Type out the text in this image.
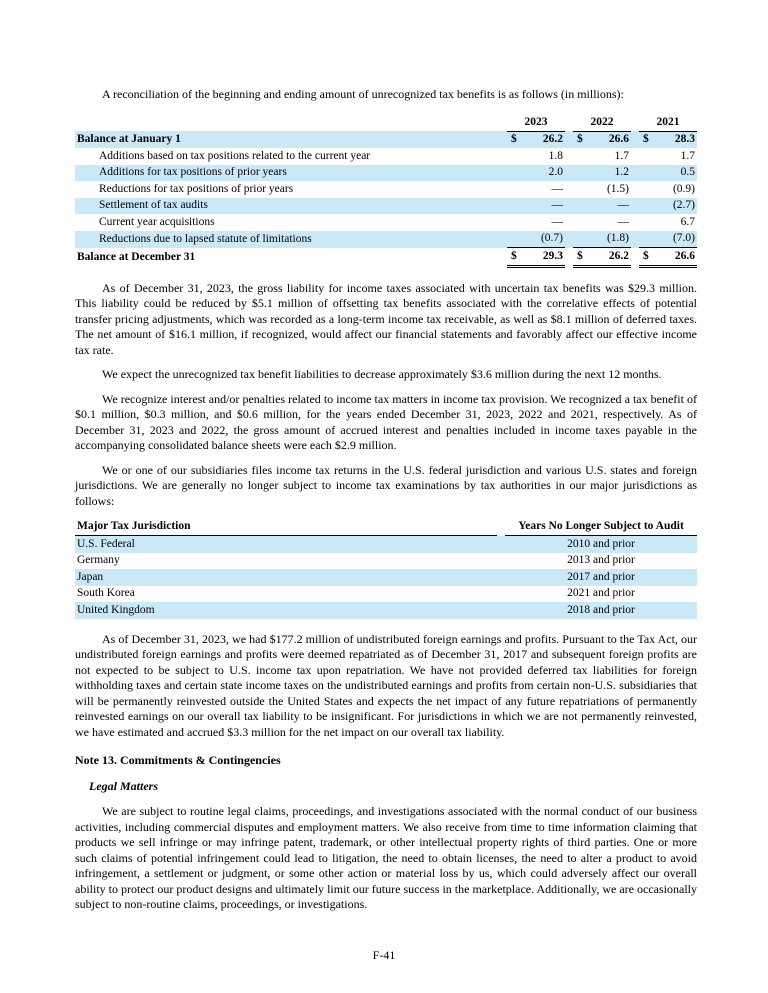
A reconciliation of the beginning and ending amount of unrecognized tax benefits is as follows (in millions):

	2023			2022			2021	
Balance at January 1	$	26.2		$	26.6		$	28.3
Additions based on tax positions related to the current year		1.8			1.7			1.7
Additions for tax positions of prior years		2.0			1.2			0.5
Reductions for tax positions of prior years		—			(1.5)			(0.9)
Settlement of tax audits		—			—			(2.7)
Current year acquisitions		—			—			6.7
Reductions due to lapsed statute of limitations		(0.7)			(1.8)			(7.0)
Balance at December 31	$	29.3		$	26.2		$	26.6

As of December 31, 2023, the gross liability for income taxes associated with uncertain tax benefits was $29.3 million. This liability could be reduced by $5.1 million of offsetting tax benefits associated with the correlative effects of potential transfer pricing adjustments, which was recorded as a long-term income tax receivable, as well as $8.1 million of deferred taxes. The net amount of $16.1 million, if recognized, would affect our financial statements and favorably affect our effective income tax rate.

We expect the unrecognized tax benefit liabilities to decrease approximately $3.6 million during the next 12 months.

We recognize interest and/or penalties related to income tax matters in income tax provision. We recognized a tax benefit of $0.1 million, $0.3 million, and $0.6 million, for the years ended December 31, 2023, 2022 and 2021, respectively. As of December 31, 2023 and 2022, the gross amount of accrued interest and penalties included in income taxes payable in the accompanying consolidated balance sheets were each $2.9 million.

We or one of our subsidiaries files income tax returns in the U.S. federal jurisdiction and various U.S. states and foreign jurisdictions. We are generally no longer subject to income tax examinations by tax authorities in our major jurisdictions as follows:

Major Tax Jurisdiction		Years No Longer Subject to Audit
U.S. Federal		2010 and prior
Germany		2013 and prior
Japan		2017 and prior
South Korea		2021 and prior
United Kingdom		2018 and prior

As of December 31, 2023, we had $177.2 million of undistributed foreign earnings and profits. Pursuant to the Tax Act, our undistributed foreign earnings and profits were deemed repatriated as of December 31, 2017 and subsequent foreign profits are not expected to be subject to U.S. income tax upon repatriation. We have not provided deferred tax liabilities for foreign withholding taxes and certain state income taxes on the undistributed earnings and profits from certain non-U.S. subsidiaries that will be permanently reinvested outside the United States and expects the net impact of any future repatriations of permanently reinvested earnings on our overall tax liability to be insignificant. For jurisdictions in which we are not permanently reinvested, we have estimated and accrued $3.3 million for the net impact on our overall tax liability.

Note 13. Commitments & Contingencies
Legal Matters

We are subject to routine legal claims, proceedings, and investigations associated with the normal conduct of our business activities, including commercial disputes and employment matters. We also receive from time to time information claiming that products we sell infringe or may infringe patent, trademark, or other intellectual property rights of third parties. One or more such claims of potential infringement could lead to litigation, the need to obtain licenses, the need to alter a product to avoid infringement, a settlement or judgment, or some other action or material loss by us, which could adversely affect our overall ability to protect our product designs and ultimately limit our future success in the marketplace. Additionally, we are occasionally subject to non-routine claims, proceedings, or investigations.

F-41
